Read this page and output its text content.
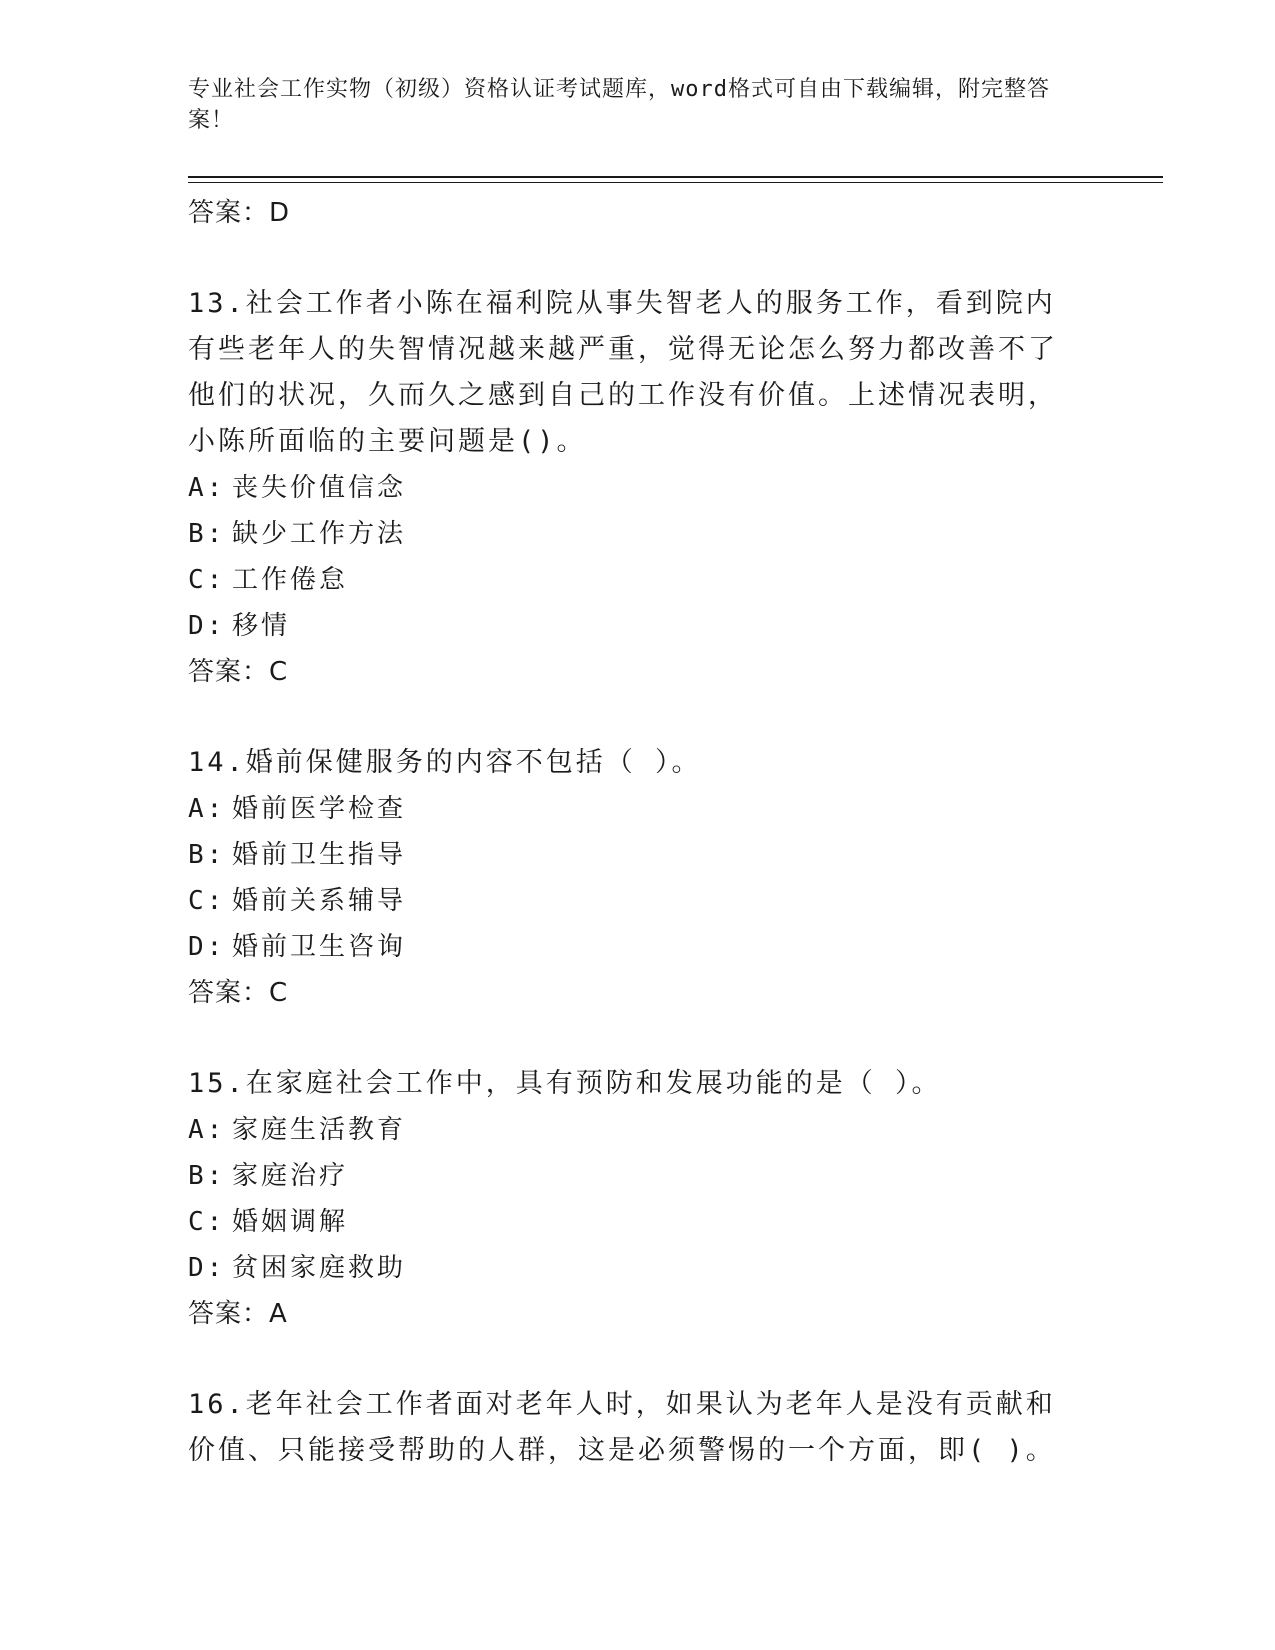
专业社会工作实物（初级）资格认证考试题库，word格式可自由下载编辑，附完整答案！
答案：D
13.社会工作者小陈在福利院从事失智老人的服务工作，看到院内有些老年人的失智情况越来越严重，觉得无论怎么努力都改善不了他们的状况，久而久之感到自己的工作没有价值。上述情况表明，小陈所面临的主要问题是()。
A: 丧失价值信念
B: 缺少工作方法
C: 工作倦怠
D: 移情
答案：C
14.婚前保健服务的内容不包括（ ）。
A: 婚前医学检查
B: 婚前卫生指导
C: 婚前关系辅导
D: 婚前卫生咨询
答案：C
15.在家庭社会工作中，具有预防和发展功能的是（ ）。
A: 家庭生活教育
B: 家庭治疗
C: 婚姻调解
D: 贫困家庭救助
答案：A
16.老年社会工作者面对老年人时，如果认为老年人是没有贡献和价值、只能接受帮助的人群，这是必须警惕的一个方面，即( )。
